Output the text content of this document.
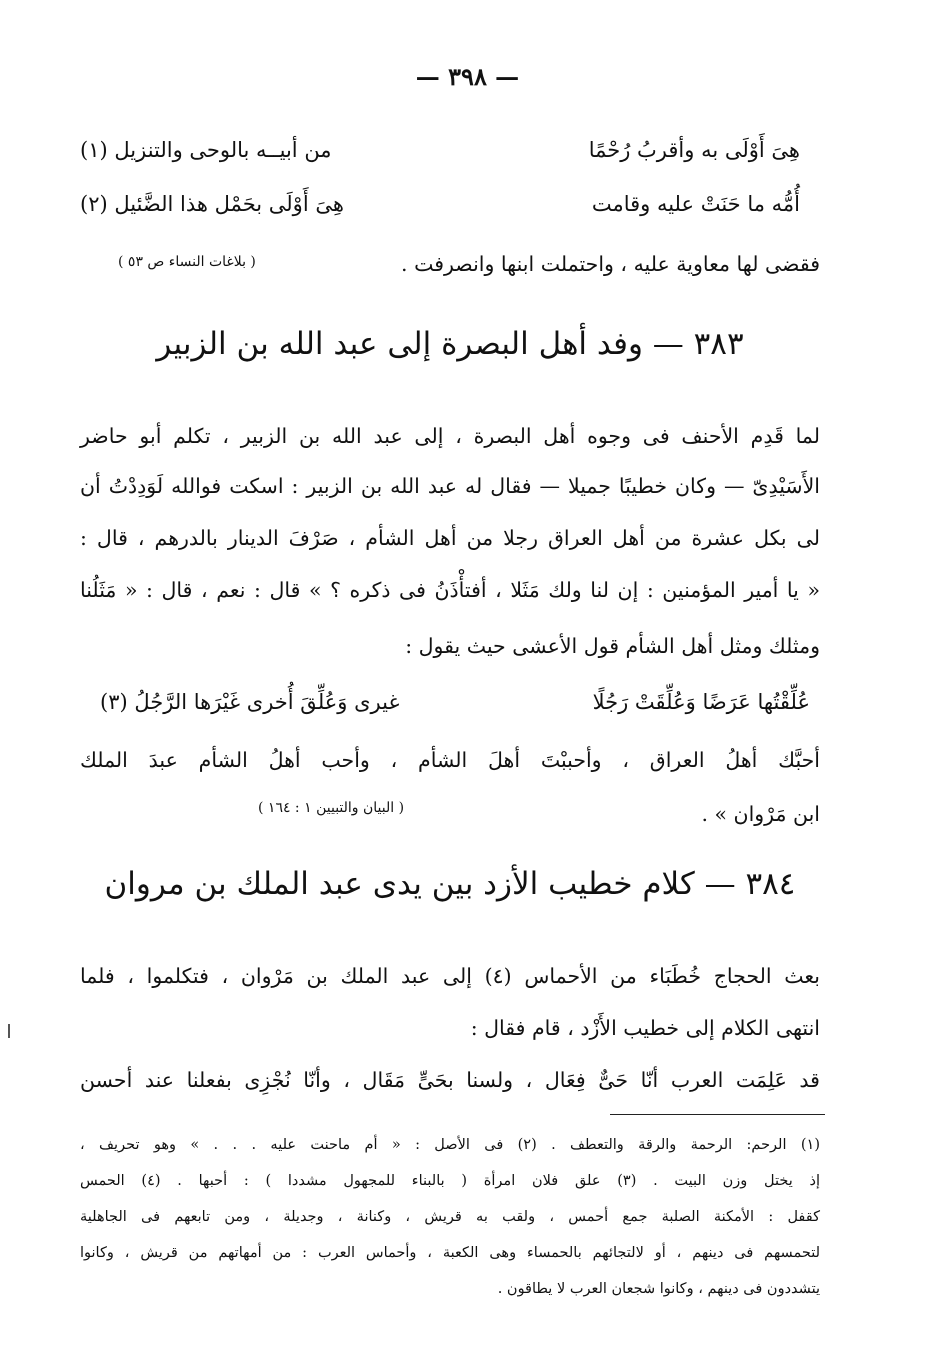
— ٣٩٨ —
هِىَ أَوْلَى به وأقربُ رُحْمًا
من أبيــه بالوحى والتنزيل (١)
أُمُّه ما حَنَتْ عليه وقامت
هِىَ أَوْلَى بحَمْل هذا الضَّئيل (٢)
فقضى لها معاوية عليه ، واحتملت ابنها وانصرفت .
( بلاغات النساء ص ٥٣ )
٣٨٣ — وفد أهل البصرة إلى عبد الله بن الزبير
لما قَدِم الأحنف فى وجوه أهل البصرة ، إلى عبد الله بن الزبير ، تكلم أبو حاضر
الأَسَيْدِىّ — وكان خطيبًا جميلا — فقال له عبد الله بن الزبير : اسكت فوالله لَوَدِدْتُ أن
لى بكل عشرة من أهل العراق رجلا من أهل الشأم ، صَرْفَ الدينار بالدرهم ، قال :
« يا أمير المؤمنين : إن لنا ولك مَثَلا ، أفتأْذَنُ فى ذكره ؟ » قال : نعم ، قال : « مَثَلُنا
ومثلك ومثل أهل الشأم قول الأعشى حيث يقول :
عُلِّقْتُها عَرَضًا وَعُلِّقَتْ رَجُلًا
غيرى وَعُلِّقَ أُخرى غَيْرَها الرَّجُلُ (٣)
أحبَّك أهلُ العراق ، وأحببْتَ أهلَ الشأم ، وأحب أهلُ الشأم عبدَ الملك
ابن مَرْوان » .
( البيان والتبيين ١ : ١٦٤ )
٣٨٤ — كلام خطيب الأزد بين يدى عبد الملك بن مروان
بعث الحجاج خُطَبَاء من الأحماس (٤) إلى عبد الملك بن مَرْوان ، فتكلموا ، فلما
انتهى الكلام إلى خطيب الأَزْد ، قام فقال :
قد عَلِمَت العرب أنّا حَىٌّ فِعَال ، ولسنا بحَىٍّ مَقَال ، وأنّا نُجْزِى بفعلنا عند أحسن
(١) الرحم: الرحمة والرقة والتعطف . (٢) فى الأصل : « أم ماحنت عليه . . . » وهو تحريف ،
إذ يختل وزن البيت . (٣) علق فلان امرأة ( بالبناء للمجهول مشددا ) : أحبها . (٤) الحمس
كقفل : الأمكنة الصلبة جمع أحمس ، ولقب به قريش ، وكنانة ، وجديلة ، ومن تابعهم فى الجاهلية
لتحمسهم فى دينهم ، أو لالتجائهم بالحمساء وهى الكعبة ، وأحماس العرب : من أمهاتهم من قريش ، وكانوا
يتشددون فى دينهم ، وكانوا شجعان العرب لا يطاقون .
